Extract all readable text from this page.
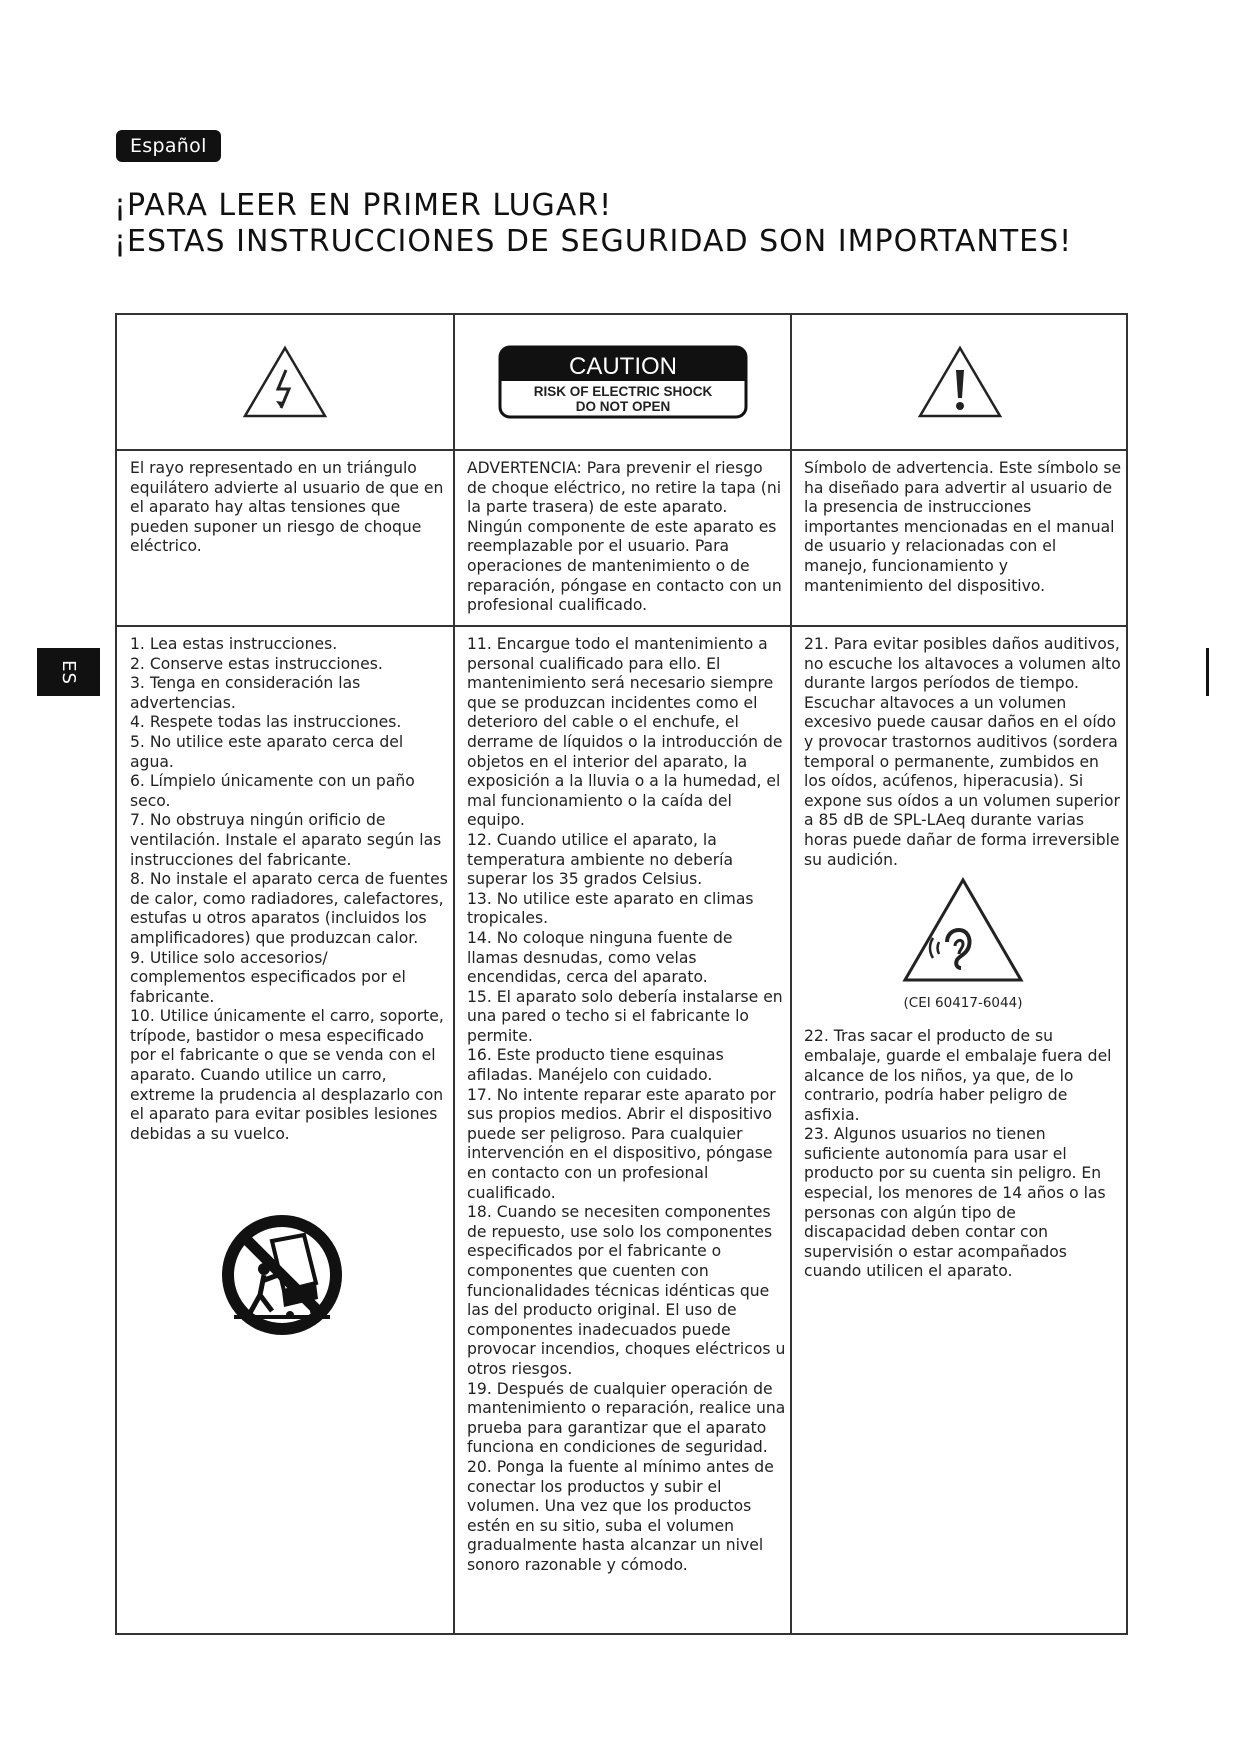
Español
¡PARA LEER EN PRIMER LUGAR!
¡ESTAS INSTRUCCIONES DE SEGURIDAD SON IMPORTANTES!
ES
CAUTION
RISK OF ELECTRIC SHOCK
DO NOT OPEN
El rayo representado en un triángulo equilátero advierte al usuario de que en el aparato hay altas tensiones que pueden suponer un riesgo de choque eléctrico.
ADVERTENCIA: Para prevenir el riesgo de choque eléctrico, no retire la tapa (ni la parte trasera) de este aparato. Ningún componente de este aparato es reemplazable por el usuario. Para operaciones de mantenimiento o de reparación, póngase en contacto con un profesional cualificado.
Símbolo de advertencia. Este símbolo se ha diseñado para advertir al usuario de la presencia de instrucciones importantes mencionadas en el manual de usuario y relacionadas con el manejo, funcionamiento y mantenimiento del dispositivo.

1. Lea estas instrucciones.

2. Conserve estas instrucciones.

3. Tenga en consideración las advertencias.

4. Respete todas las instrucciones.

5. No utilice este aparato cerca del agua.

6. Límpielo únicamente con un paño seco.

7. No obstruya ningún orificio de ventilación. Instale el aparato según las instrucciones del fabricante.

8. No instale el aparato cerca de fuentes de calor, como radiadores, calefactores, estufas u otros aparatos (incluidos los amplificadores) que produzcan calor.

9. Utilice solo accesorios/ complementos especificados por el fabricante.

10. Utilice únicamente el carro, soporte, trípode, bastidor o mesa especificado por el fabricante o que se venda con el aparato. Cuando utilice un carro, extreme la prudencia al desplazarlo con el aparato para evitar posibles lesiones debidas a su vuelco.

11. Encargue todo el mantenimiento a personal cualificado para ello. El mantenimiento será necesario siempre que se produzcan incidentes como el deterioro del cable o el enchufe, el derrame de líquidos o la introducción de objetos en el interior del aparato, la exposición a la lluvia o a la humedad, el mal funcionamiento o la caída del equipo.

12. Cuando utilice el aparato, la temperatura ambiente no debería superar los 35 grados Celsius.

13. No utilice este aparato en climas tropicales.

14. No coloque ninguna fuente de llamas desnudas, como velas encendidas, cerca del aparato.

15. El aparato solo debería instalarse en una pared o techo si el fabricante lo permite.

16. Este producto tiene esquinas afiladas. Manéjelo con cuidado.

17. No intente reparar este aparato por sus propios medios. Abrir el dispositivo puede ser peligroso. Para cualquier intervención en el dispositivo, póngase en contacto con un profesional cualificado.

18. Cuando se necesiten componentes de repuesto, use solo los componentes especificados por el fabricante o componentes que cuenten con funcionalidades técnicas idénticas que las del producto original. El uso de componentes inadecuados puede provocar incendios, choques eléctricos u otros riesgos.

19. Después de cualquier operación de mantenimiento o reparación, realice una prueba para garantizar que el aparato funciona en condiciones de seguridad.

20. Ponga la fuente al mínimo antes de conectar los productos y subir el volumen. Una vez que los productos estén en su sitio, suba el volumen gradualmente hasta alcanzar un nivel sonoro razonable y cómodo.

21. Para evitar posibles daños auditivos, no escuche los altavoces a volumen alto durante largos períodos de tiempo. Escuchar altavoces a un volumen excesivo puede causar daños en el oído y provocar trastornos auditivos (sordera temporal o permanente, zumbidos en los oídos, acúfenos, hiperacusia). Si expone sus oídos a un volumen superior a 85 dB de SPL-LAeq durante varias horas puede dañar de forma irreversible su audición.

(CEI 60417-6044)

22. Tras sacar el producto de su embalaje, guarde el embalaje fuera del alcance de los niños, ya que, de lo contrario, podría haber peligro de asfixia.

23. Algunos usuarios no tienen suficiente autonomía para usar el producto por su cuenta sin peligro. En especial, los menores de 14 años o las personas con algún tipo de discapacidad deben contar con supervisión o estar acompañados cuando utilicen el aparato.
